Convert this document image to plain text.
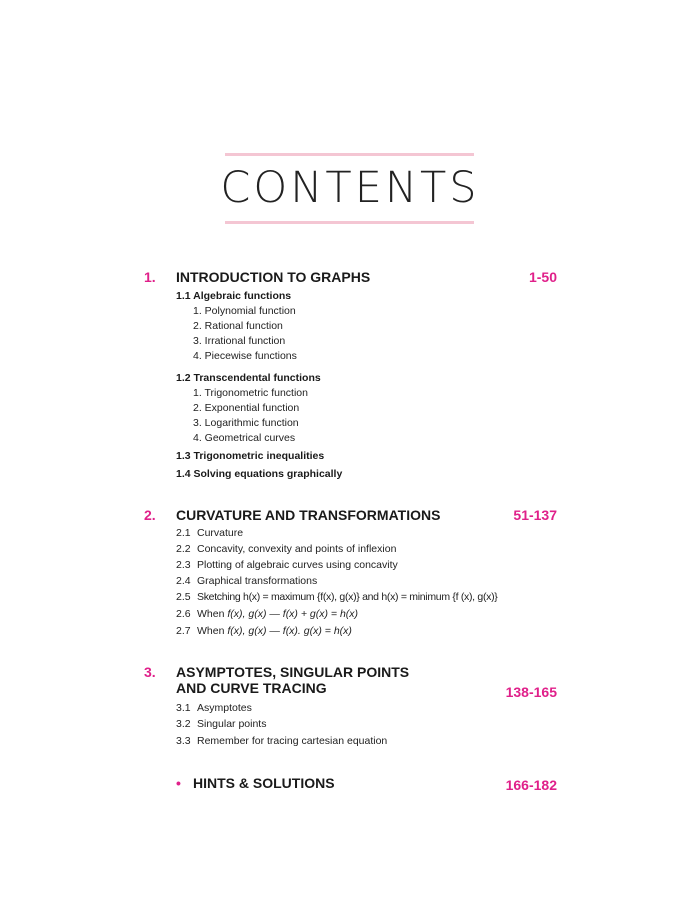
CONTENTS
1. INTRODUCTION TO GRAPHS	1-50
1.1 Algebraic functions
1. Polynomial function
2. Rational function
3. Irrational function
4. Piecewise functions
1.2 Transcendental functions
1. Trigonometric function
2. Exponential function
3. Logarithmic function
4. Geometrical curves
1.3 Trigonometric inequalities
1.4 Solving equations graphically
2. CURVATURE AND TRANSFORMATIONS	51-137
2.1 Curvature
2.2 Concavity, convexity and points of inflexion
2.3 Plotting of algebraic curves using concavity
2.4 Graphical transformations
2.5 Sketching h(x) = maximum {f(x), g(x)} and h(x) = minimum {f (x), g(x)}
2.6 When f(x), g(x) — f(x) + g(x) = h(x)
2.7 When f(x), g(x) — f(x). g(x) = h(x)
3. ASYMPTOTES, SINGULAR POINTS
AND CURVE TRACING	138-165
3.1 Asymptotes
3.2 Singular points
3.3 Remember for tracing cartesian equation
• HINTS & SOLUTIONS	166-182
